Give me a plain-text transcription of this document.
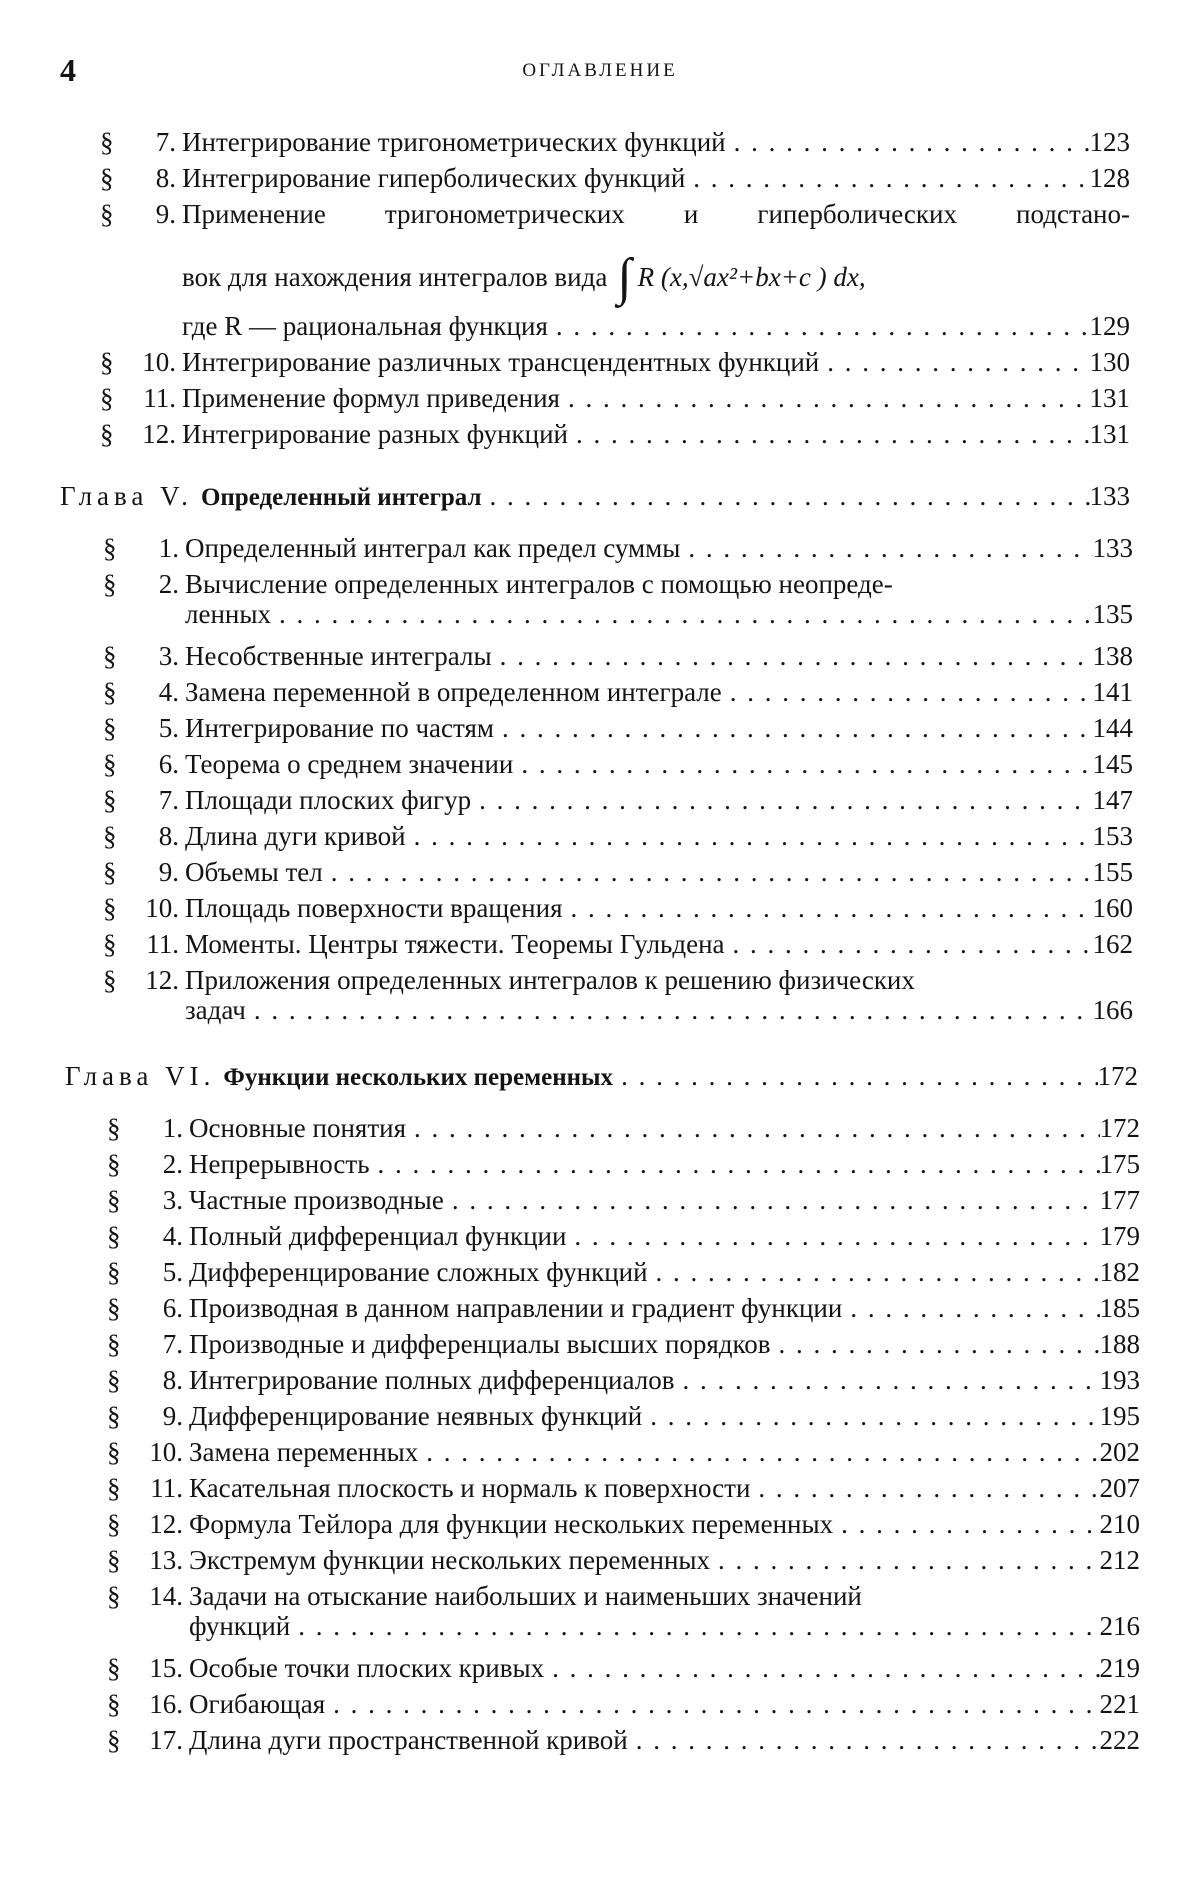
4	ОГЛАВЛЕНИЕ
§ 7. Интегрирование тригонометрических функций . . .	123
§ 8. Интегрирование гиперболических функций . . .	128
§ 9. Применение тригонометрических и гиперболических подстано-
вок для нахождения интегралов вида ∫ R (x,√ax²+bx+c ) dx,
где R — рациональная функция . . .	129
§ 10. Интегрирование различных трансцендентных функций . . .	130
§ 11. Применение формул приведения . . .	131
§ 12. Интегрирование разных функций . . .	131
Глава V. Определенный интеграл . . .	133
§ 1. Определенный интеграл как предел суммы . . .	133
§ 2. Вычисление определенных интегралов с помощью неопреде-
ленных . . .	135
§ 3. Несобственные интегралы . . .	138
§ 4. Замена переменной в определенном интеграле . . .	141
§ 5. Интегрирование по частям . . .	144
§ 6. Теорема о среднем значении . . .	145
§ 7. Площади плоских фигур . . .	147
§ 8. Длина дуги кривой . . .	153
§ 9. Объемы тел . . .	155
§ 10. Площадь поверхности вращения . . .	160
§ 11. Моменты. Центры тяжести. Теоремы Гульдена . . .	162
§ 12. Приложения определенных интегралов к решению физических
задач . . .	166
Глава VI. Функции нескольких переменных . . .	172
§ 1. Основные понятия . . .	172
§ 2. Непрерывность . . .	175
§ 3. Частные производные . . .	177
§ 4. Полный дифференциал функции . . .	179
§ 5. Дифференцирование сложных функций . . .	182
§ 6. Производная в данном направлении и градиент функции . . .	185
§ 7. Производные и дифференциалы высших порядков . . .	188
§ 8. Интегрирование полных дифференциалов . . .	193
§ 9. Дифференцирование неявных функций . . .	195
§ 10. Замена переменных . . .	202
§ 11. Касательная плоскость и нормаль к поверхности . . .	207
§ 12. Формула Тейлора для функции нескольких переменных . . .	210
§ 13. Экстремум функции нескольких переменных . . .	212
§ 14. Задачи на отыскание наибольших и наименьших значений
функций . . .	216
§ 15. Особые точки плоских кривых . . .	219
§ 16. Огибающая . . .	221
§ 17. Длина дуги пространственной кривой . . .	222
